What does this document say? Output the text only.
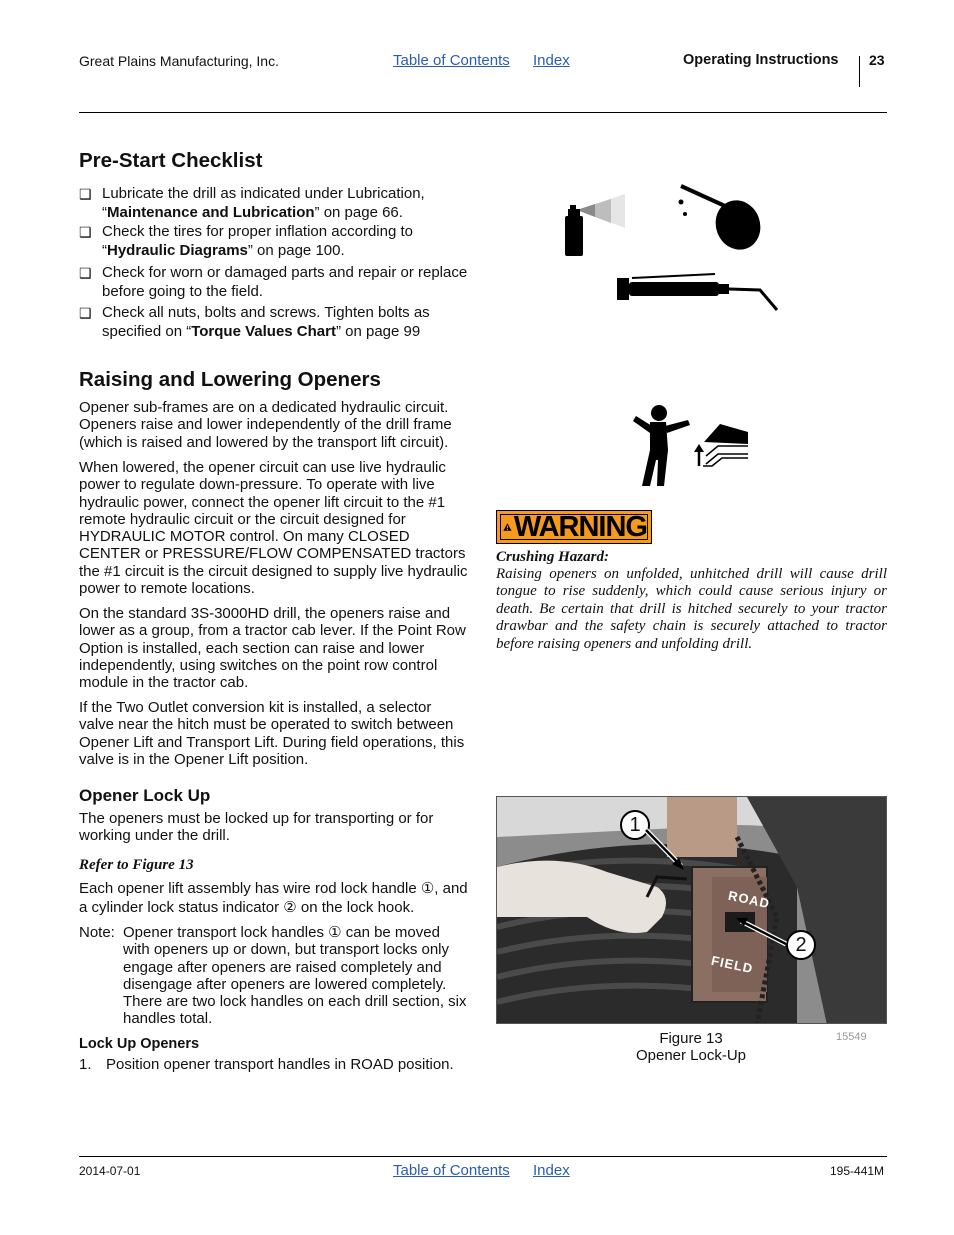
Great Plains Manufacturing, Inc.	Table of Contents Index	Operating Instructions 23
Pre-Start Checklist
❑ Lubricate the drill as indicated under Lubrication, “Maintenance and Lubrication” on page 66.
❑ Check the tires for proper inflation according to “Hydraulic Diagrams” on page 100.
❑ Check for worn or damaged parts and repair or replace before going to the field.
❑ Check all nuts, bolts and screws. Tighten bolts as specified on “Torque Values Chart” on page 99
Raising and Lowering Openers

Opener sub-frames are on a dedicated hydraulic circuit. Openers raise and lower independently of the drill frame (which is raised and lowered by the transport lift circuit).

When lowered, the opener circuit can use live hydraulic power to regulate down-pressure. To operate with live hydraulic power, connect the opener lift circuit to the #1 remote hydraulic circuit or the circuit designed for HYDRAULIC MOTOR control. On many CLOSED CENTER or PRESSURE/FLOW COMPENSATED tractors the #1 circuit is the circuit designed to supply live hydraulic power to remote locations.

On the standard 3S-3000HD drill, the openers raise and lower as a group, from a tractor cab lever. If the Point Row Option is installed, each section can raise and lower independently, using switches on the point row control module in the tractor cab.

If the Two Outlet conversion kit is installed, a selector valve near the hitch must be operated to switch between Opener Lift and Transport Lift. During field operations, this valve is in the Opener Lift position.

WARNING
Crushing Hazard:

Raising openers on unfolded, unhitched drill will cause drill tongue to rise suddenly, which could cause serious injury or death. Be certain that drill is hitched securely to your tractor drawbar and the safety chain is securely attached to tractor before raising openers and unfolding drill.

Opener Lock Up

The openers must be locked up for transporting or for working under the drill.

Refer to Figure 13

Each opener lift assembly has wire rod lock handle ①, and a cylinder lock status indicator ② on the lock hook.

Note: Opener transport lock handles ① can be moved with openers up or down, but transport locks only engage after openers are raised completely and disengage after openers are lowered completely. There are two lock handles on each drill section, six handles total.

Lock Up Openers
1. Position opener transport handles in ROAD position.
ROAD
FIELD
1
2
Figure 13
Opener Lock-Up
15549
2014-07-01	Table of Contents Index	195-441M
